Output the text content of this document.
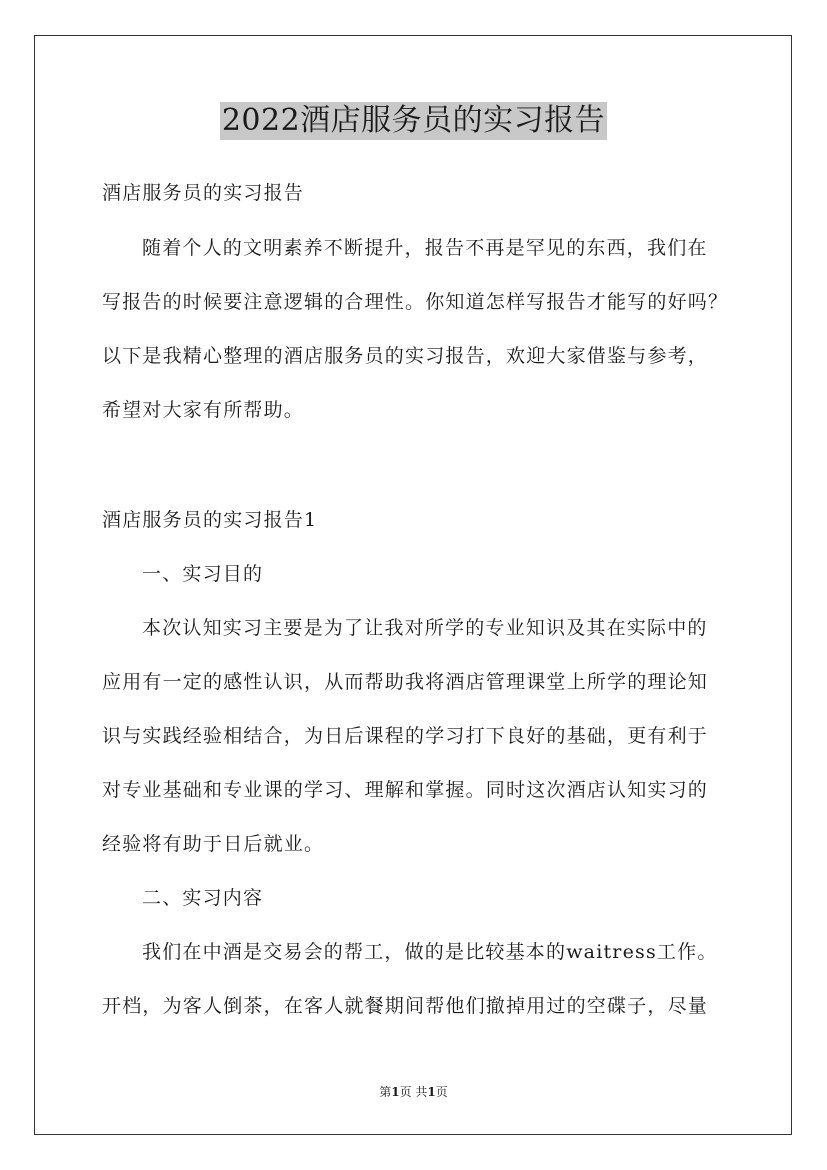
2022酒店服务员的实习报告
酒店服务员的实习报告
随着个人的文明素养不断提升，报告不再是罕见的东西，我们在
写报告的时候要注意逻辑的合理性。你知道怎样写报告才能写的好吗？
以下是我精心整理的酒店服务员的实习报告，欢迎大家借鉴与参考，
希望对大家有所帮助。
酒店服务员的实习报告1
一、实习目的
本次认知实习主要是为了让我对所学的专业知识及其在实际中的
应用有一定的感性认识，从而帮助我将酒店管理课堂上所学的理论知
识与实践经验相结合，为日后课程的学习打下良好的基础，更有利于
对专业基础和专业课的学习、理解和掌握。同时这次酒店认知实习的
经验将有助于日后就业。
二、实习内容
我们在中酒是交易会的帮工，做的是比较基本的waitress工作。
开档，为客人倒茶，在客人就餐期间帮他们撤掉用过的空碟子，尽量
第1页 共1页
